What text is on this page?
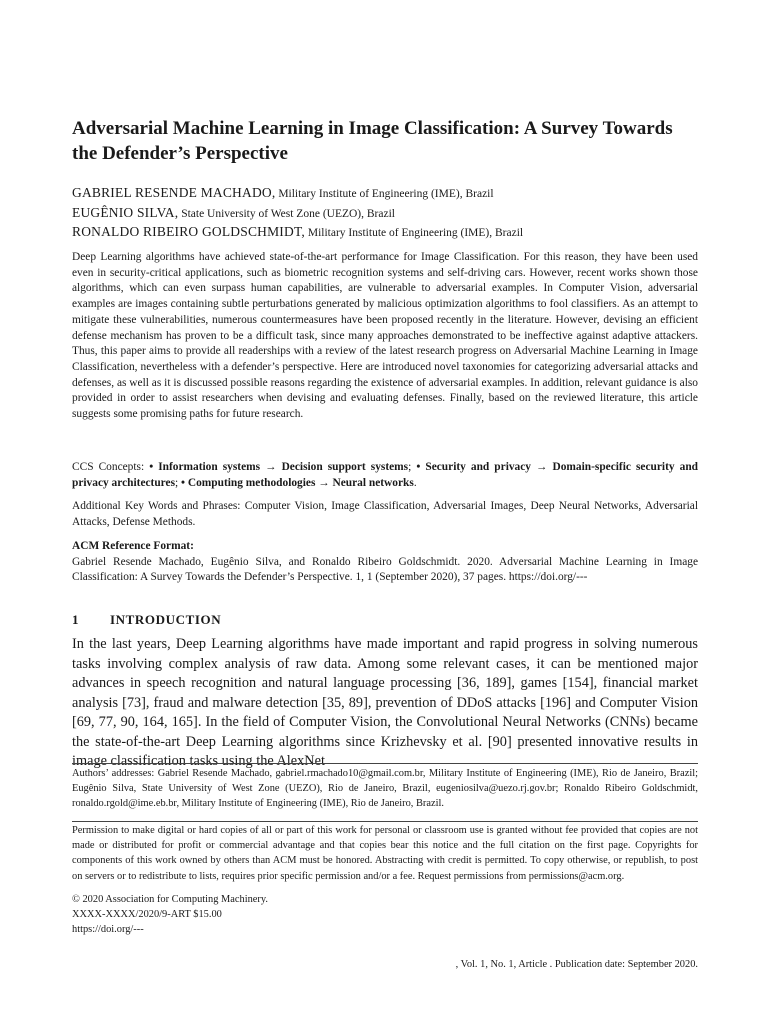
Adversarial Machine Learning in Image Classification: A Survey Towards the Defender’s Perspective
GABRIEL RESENDE MACHADO, Military Institute of Engineering (IME), Brazil
EUGÊNIO SILVA, State University of West Zone (UEZO), Brazil
RONALDO RIBEIRO GOLDSCHMIDT, Military Institute of Engineering (IME), Brazil

Deep Learning algorithms have achieved state-of-the-art performance for Image Classification. For this reason, they have been used even in security-critical applications, such as biometric recognition systems and self-driving cars. However, recent works shown those algorithms, which can even surpass human capabilities, are vulnerable to adversarial examples. In Computer Vision, adversarial examples are images containing subtle perturbations generated by malicious optimization algorithms to fool classifiers. As an attempt to mitigate these vulnerabilities, numerous countermeasures have been proposed recently in the literature. However, devising an efficient defense mechanism has proven to be a difficult task, since many approaches demonstrated to be ineffective against adaptive attackers. Thus, this paper aims to provide all readerships with a review of the latest research progress on Adversarial Machine Learning in Image Classification, nevertheless with a defender’s perspective. Here are introduced novel taxonomies for categorizing adversarial attacks and defenses, as well as it is discussed possible reasons regarding the existence of adversarial examples. In addition, relevant guidance is also provided in order to assist researchers when devising and evaluating defenses. Finally, based on the reviewed literature, this article suggests some promising paths for future research.

CCS Concepts: • Information systems → Decision support systems; • Security and privacy → Domain-specific security and privacy architectures; • Computing methodologies → Neural networks.

Additional Key Words and Phrases: Computer Vision, Image Classification, Adversarial Images, Deep Neural Networks, Adversarial Attacks, Defense Methods.

ACM Reference Format:
Gabriel Resende Machado, Eugênio Silva, and Ronaldo Ribeiro Goldschmidt. 2020. Adversarial Machine Learning in Image Classification: A Survey Towards the Defender’s Perspective. 1, 1 (September 2020), 37 pages. https://doi.org/---
1 INTRODUCTION

In the last years, Deep Learning algorithms have made important and rapid progress in solving numerous tasks involving complex analysis of raw data. Among some relevant cases, it can be mentioned major advances in speech recognition and natural language processing [36, 189], games [154], financial market analysis [73], fraud and malware detection [35, 89], prevention of DDoS attacks [196] and Computer Vision [69, 77, 90, 164, 165]. In the field of Computer Vision, the Convolutional Neural Networks (CNNs) became the state-of-the-art Deep Learning algorithms since Krizhevsky et al. [90] presented innovative results in image classification tasks using the AlexNet

Authors’ addresses: Gabriel Resende Machado, gabriel.rmachado10@gmail.com.br, Military Institute of Engineering (IME), Rio de Janeiro, Brazil; Eugênio Silva, State University of West Zone (UEZO), Rio de Janeiro, Brazil, eugeniosilva@uezo.rj.gov.br; Ronaldo Ribeiro Goldschmidt, ronaldo.rgold@ime.eb.br, Military Institute of Engineering (IME), Rio de Janeiro, Brazil.

Permission to make digital or hard copies of all or part of this work for personal or classroom use is granted without fee provided that copies are not made or distributed for profit or commercial advantage and that copies bear this notice and the full citation on the first page. Copyrights for components of this work owned by others than ACM must be honored. Abstracting with credit is permitted. To copy otherwise, or republish, to post on servers or to redistribute to lists, requires prior specific permission and/or a fee. Request permissions from permissions@acm.org.

© 2020 Association for Computing Machinery.
XXXX-XXXX/2020/9-ART $15.00
https://doi.org/---
, Vol. 1, No. 1, Article . Publication date: September 2020.
